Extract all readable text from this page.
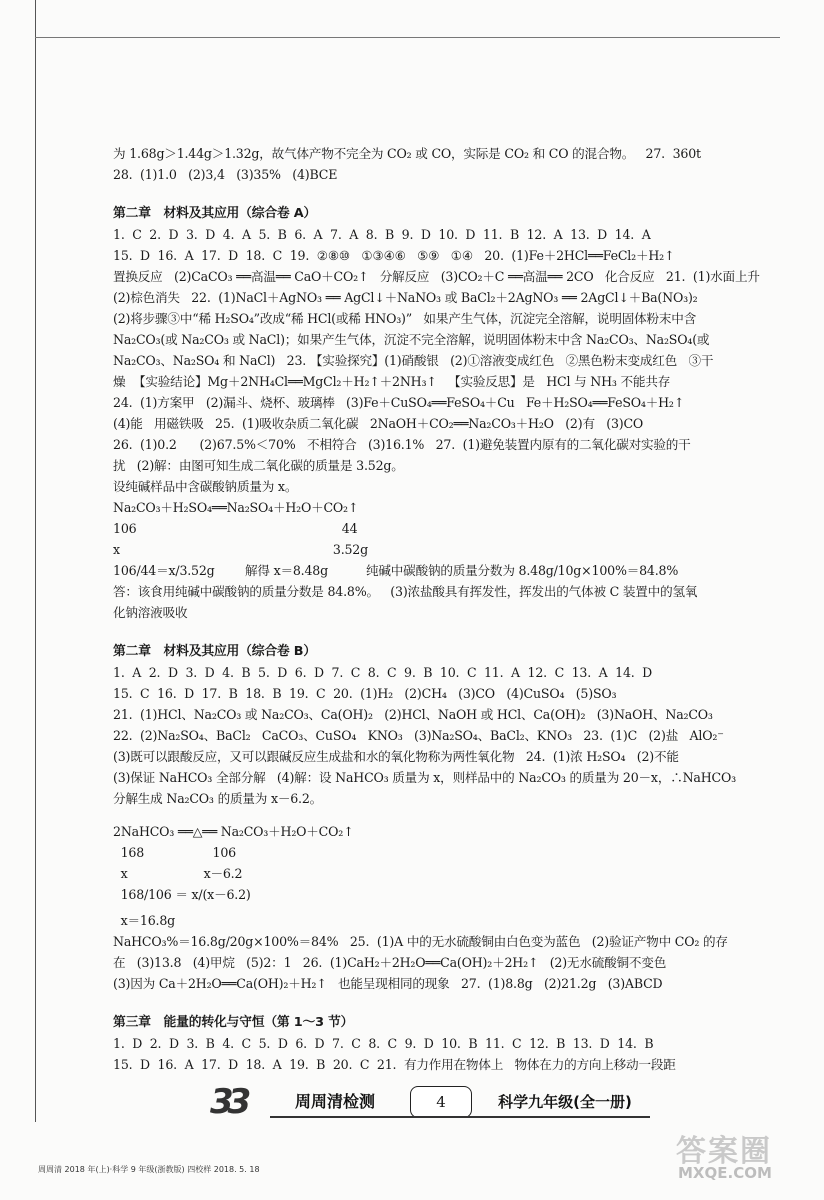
为 1.68g＞1.44g＞1.32g，故气体产物不完全为 CO₂ 或 CO，实际是 CO₂ 和 CO 的混合物。   27.  360t
28.  (1)1.0   (2)3,4   (3)35%   (4)BCE
第二章   材料及其应用（综合卷 A）
1.  C  2.  D  3.  D  4.  A  5.  B  6.  A  7.  A  8.  B  9.  D  10.  D  11.  B  12.  A  13.  D  14.  A
15.  D  16.  A  17.  D  18.  C  19.  ②⑧⑩   ①③④⑥   ⑤⑨   ①④   20.  (1)Fe＋2HCl══FeCl₂＋H₂↑
置换反应   (2)CaCO₃ ══高温══ CaO＋CO₂↑   分解反应   (3)CO₂＋C ══高温══ 2CO   化合反应   21.  (1)水面上升
(2)棕色消失   22.  (1)NaCl＋AgNO₃ ══ AgCl↓＋NaNO₃ 或 BaCl₂＋2AgNO₃ ══ 2AgCl↓＋Ba(NO₃)₂
(2)将步骤③中“稀 H₂SO₄”改成“稀 HCl(或稀 HNO₃)”   如果产生气体，沉淀完全溶解，说明固体粉末中含
Na₂CO₃(或 Na₂CO₃ 或 NaCl)；如果产生气体，沉淀不完全溶解，说明固体粉末中含 Na₂CO₃、Na₂SO₄(或
Na₂CO₃、Na₂SO₄ 和 NaCl)   23. 【实验探究】(1)硝酸银   (2)①溶液变成红色   ②黑色粉末变成红色   ③干
燥  【实验结论】Mg＋2NH₄Cl══MgCl₂＋H₂↑＋2NH₃↑   【实验反思】是   HCl 与 NH₃ 不能共存
24.  (1)方案甲   (2)漏斗、烧杯、玻璃棒   (3)Fe＋CuSO₄══FeSO₄＋Cu   Fe＋H₂SO₄══FeSO₄＋H₂↑
(4)能   用磁铁吸   25.  (1)吸收杂质二氧化碳   2NaOH＋CO₂══Na₂CO₃＋H₂O   (2)有   (3)CO
26.  (1)0.2      (2)67.5%＜70%   不相符合   (3)16.1%   27.  (1)避免装置内原有的二氧化碳对实验的干
扰   (2)解：由图可知生成二氧化碳的质量是 3.52g。
设纯碱样品中含碳酸钠质量为 x。
Na₂CO₃＋H₂SO₄══Na₂SO₄＋H₂O＋CO₂↑
106                                                      44
x                                                        3.52g
106/44＝x/3.52g        解得 x＝8.48g          纯碱中碳酸钠的质量分数为 8.48g/10g×100%＝84.8%
答：该食用纯碱中碳酸钠的质量分数是 84.8%。   (3)浓盐酸具有挥发性，挥发出的气体被 C 装置中的氢氧
化钠溶液吸收
第二章   材料及其应用（综合卷 B）
1.  A  2.  D  3.  D  4.  B  5.  D  6.  D  7.  C  8.  C  9.  B  10.  C  11.  A  12.  C  13.  A  14.  D
15.  C  16.  D  17.  B  18.  B  19.  C  20.  (1)H₂   (2)CH₄   (3)CO   (4)CuSO₄   (5)SO₃
21.  (1)HCl、Na₂CO₃ 或 Na₂CO₃、Ca(OH)₂   (2)HCl、NaOH 或 HCl、Ca(OH)₂   (3)NaOH、Na₂CO₃
22.  (2)Na₂SO₄、BaCl₂   CaCO₃、CuSO₄   KNO₃   (3)Na₂SO₄、BaCl₂、KNO₃   23.  (1)C   (2)盐   AlO₂⁻
(3)既可以跟酸反应，又可以跟碱反应生成盐和水的氧化物称为两性氧化物   24.  (1)浓 H₂SO₄   (2)不能
(3)保证 NaHCO₃ 全部分解   (4)解：设 NaHCO₃ 质量为 x，则样品中的 Na₂CO₃ 的质量为 20－x，∴NaHCO₃
分解生成 Na₂CO₃ 的质量为 x－6.2。
2NaHCO₃ ══△══ Na₂CO₃＋H₂O＋CO₂↑
168                  106
x                    x－6.2
168/106 ＝ x/(x－6.2)
x＝16.8g
NaHCO₃%＝16.8g/20g×100%＝84%   25.  (1)A 中的无水硫酸铜由白色变为蓝色   (2)验证产物中 CO₂ 的存
在   (3)13.8   (4)甲烷   (5)2：1   26.  (1)CaH₂＋2H₂O══Ca(OH)₂＋2H₂↑   (2)无水硫酸铜不变色
(3)因为 Ca＋2H₂O══Ca(OH)₂＋H₂↑   也能呈现相同的现象   27.  (1)8.8g   (2)21.2g   (3)ABCD
第三章   能量的转化与守恒（第 1～3 节）
1.  D  2.  D  3.  B  4.  C  5.  D  6.  D  7.  C  8.  C  9.  D  10.  B  11.  C  12.  B  13.  D  14.  B
15.  D  16.  A  17.  D  18.  A  19.  B  20.  C  21.  有力作用在物体上   物体在力的方向上移动一段距
33	周周清检测	4	科学九年级(全一册)
周周清 2018 年(上)·科学 9 年级(浙教版) 四校样 2018. 5. 18
答案圈
MXQE.COM
